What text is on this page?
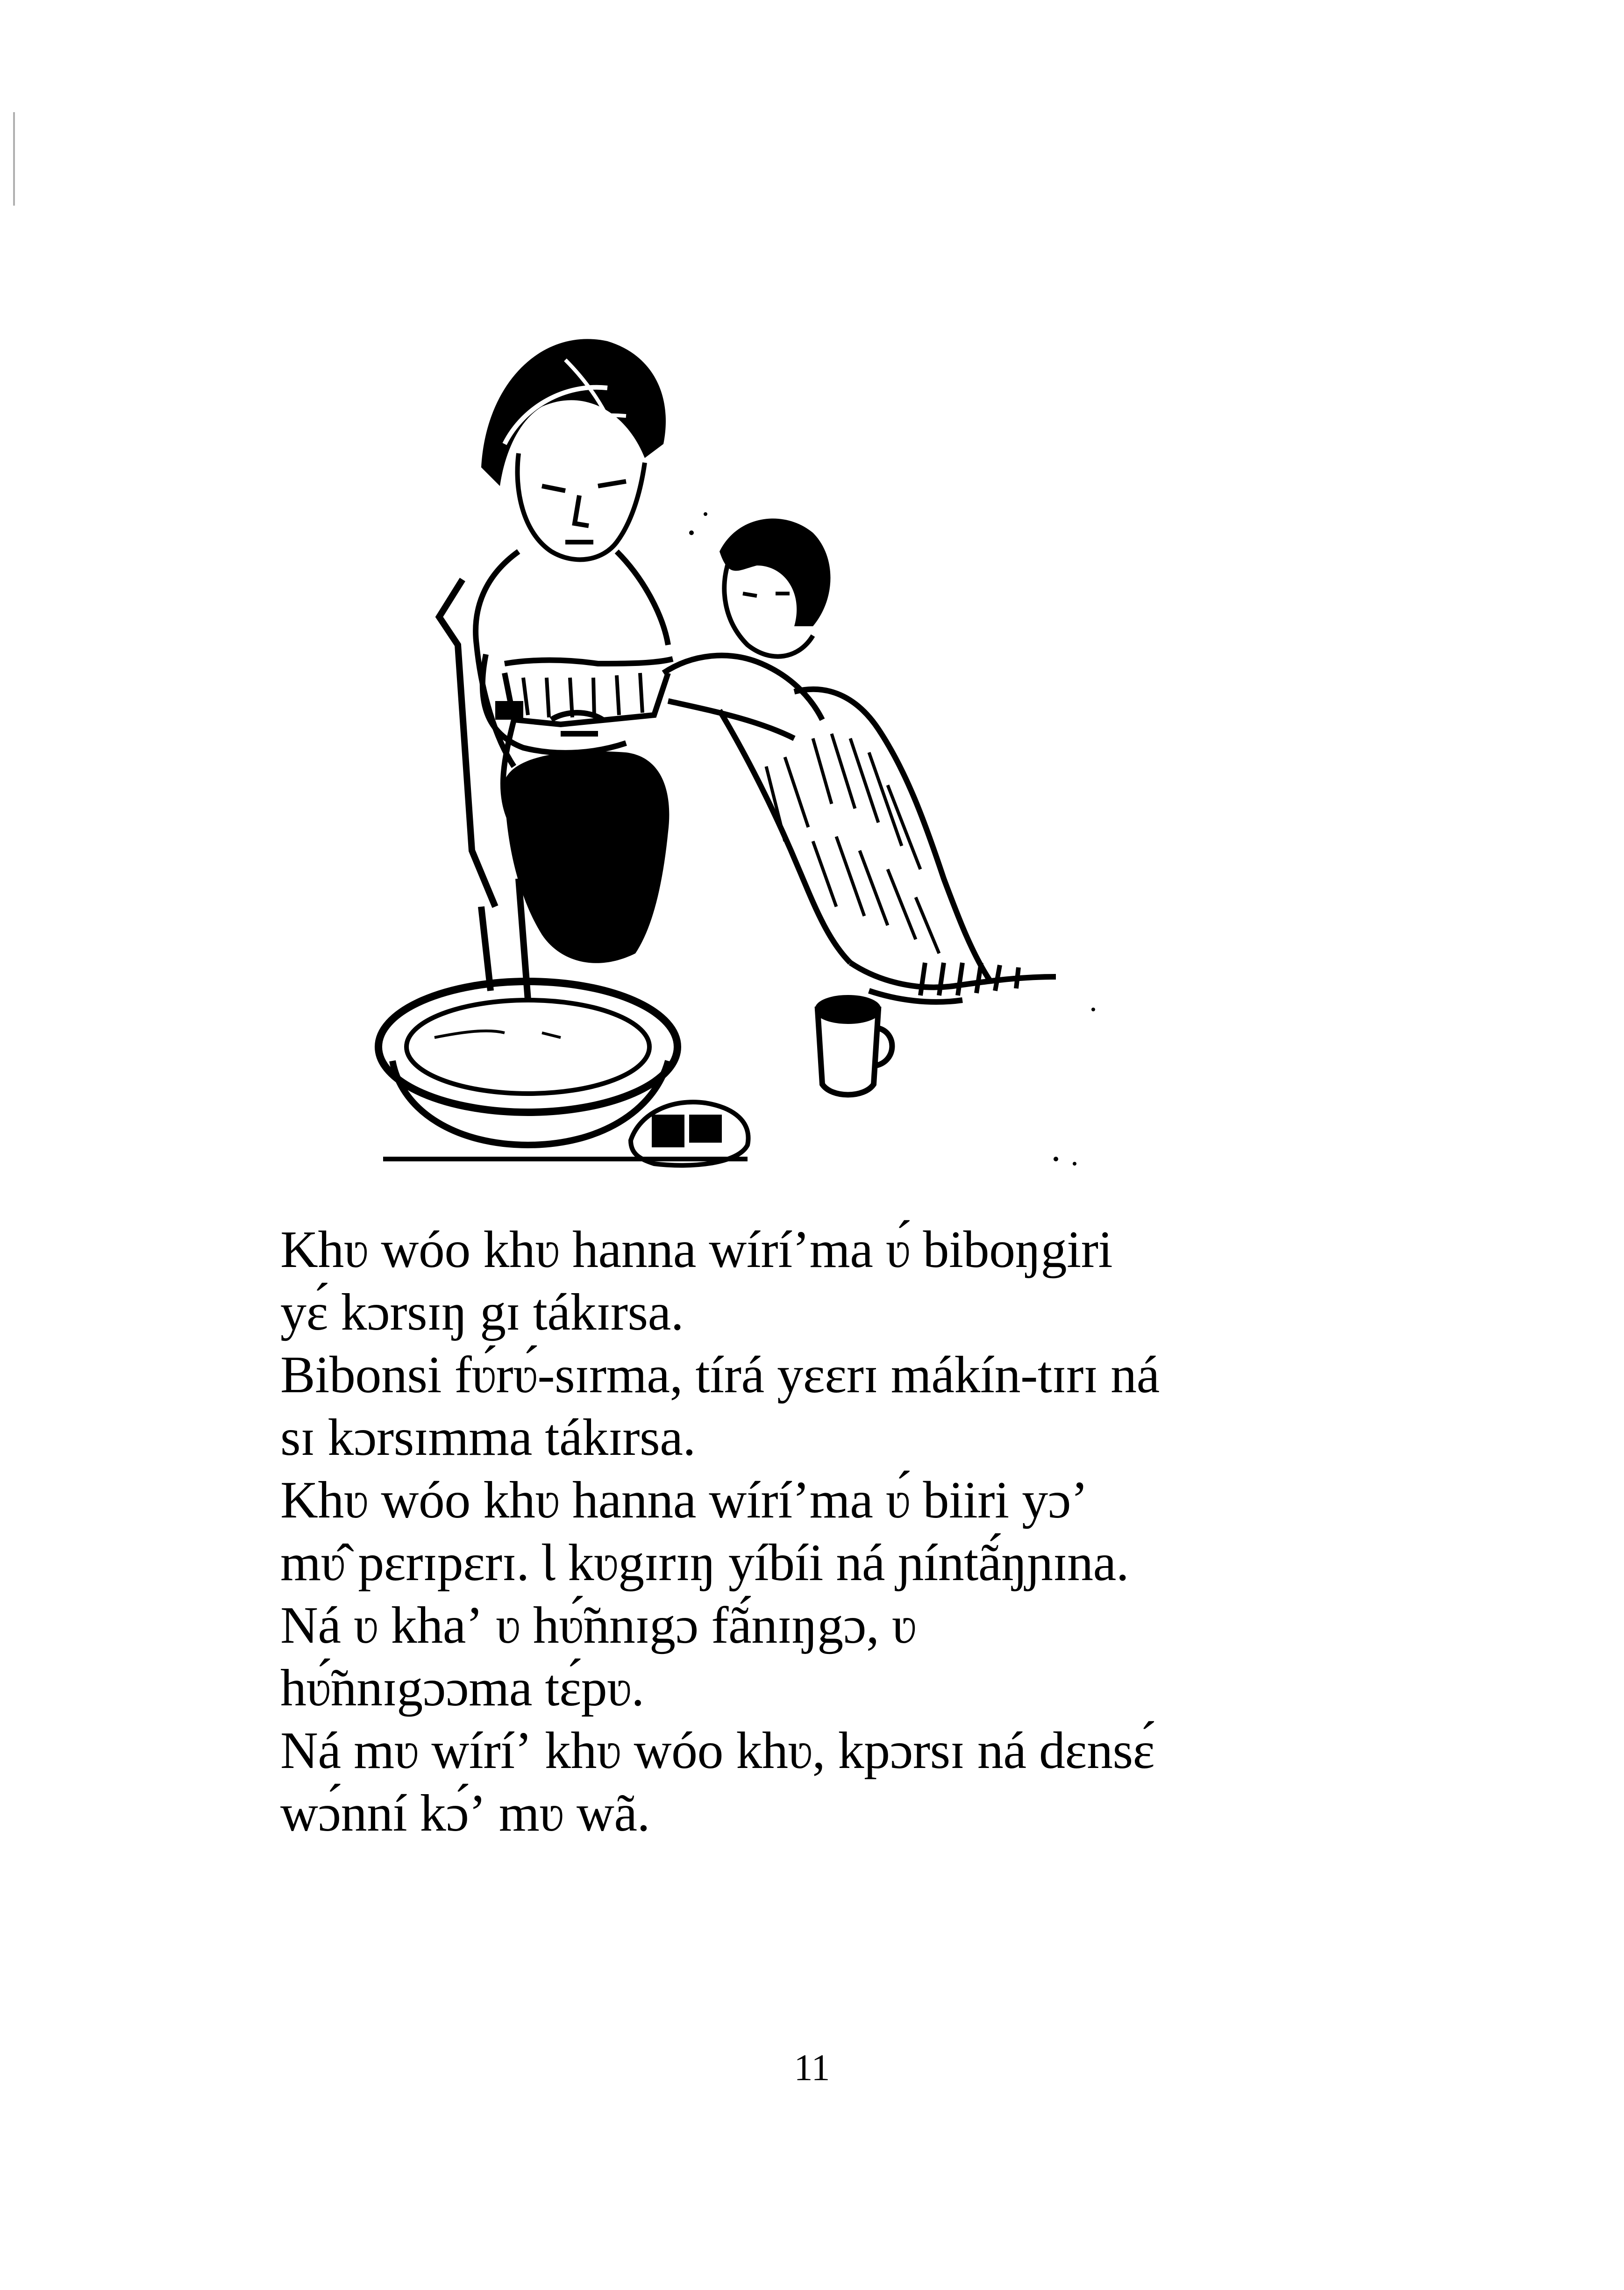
Khʋ wóo khʋ hanna wíríʼma ʋ́ biboŋgiri
yɛ́ kɔrsɪŋ gɪ tákɪrsa.
Bibonsi fʋ́rʋ́-sɪrma, tírá yɛɛrɪ mákín-tɪrɪ ná
sɪ kɔrsɪmma tákɪrsa.
Khʋ wóo khʋ hanna wíríʼma ʋ́ biiri yɔʼ
mʋ̂ pɛrɪpɛrɪ. Ɩ kʋgɪrɪŋ yíbíi ná ɲíntã́ŋɲɪna.
Ná ʋ khaʼ ʋ hʋ̃́nnɪgɔ fã́nɪŋgɔ, ʋ
hʋ̃́nnɪgɔɔma tɛ́pʋ.
Ná mʋ wíríʼ khʋ wóo khʋ, kpɔrsɪ ná dɛnsɛ́
wɔ́nní kɔ́ʼ mʋ wã.
11
